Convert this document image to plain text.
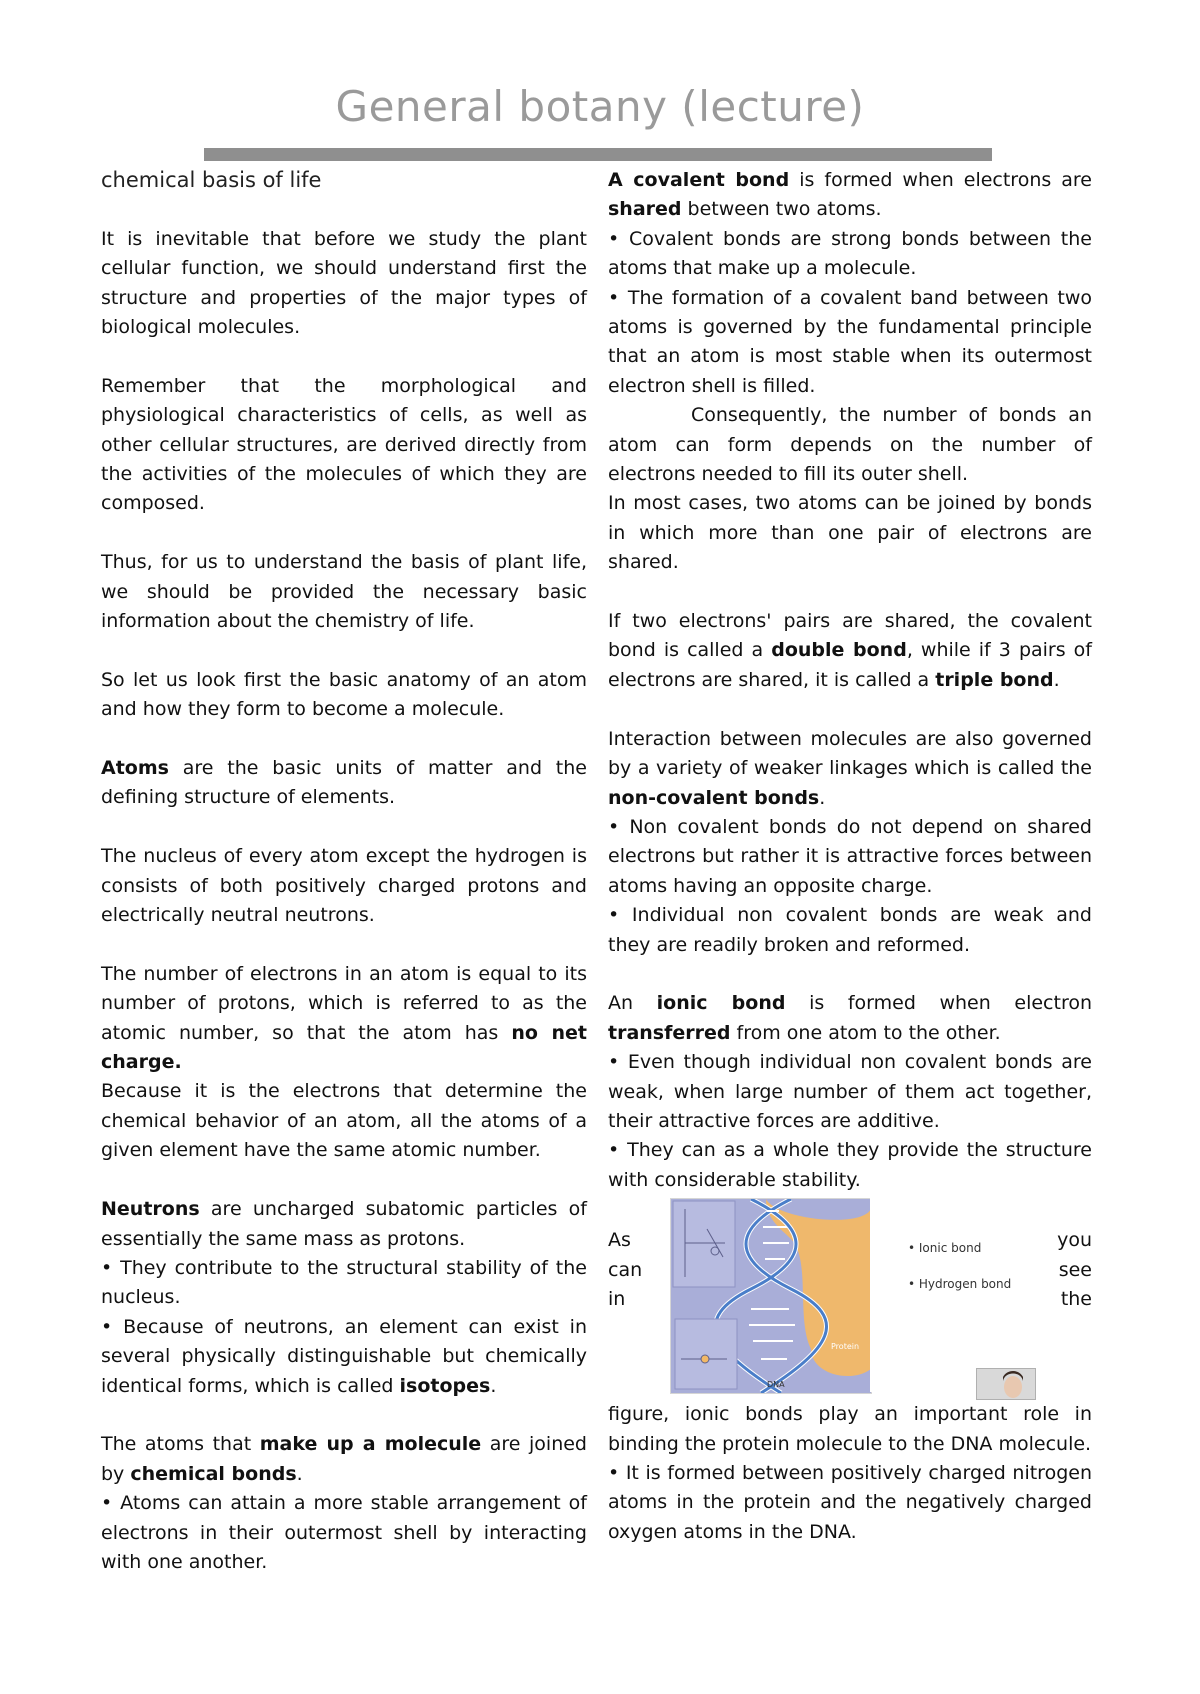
General botany (lecture)

chemical basis of life

It is inevitable that before we study the plant cellular function, we should understand first the structure and properties of the major types of biological molecules.

Remember that the morphological and physiological characteristics of cells, as well as other cellular structures, are derived directly from the activities of the molecules of which they are composed.

Thus, for us to understand the basis of plant life, we should be provided the necessary basic information about the chemistry of life.

So let us look first the basic anatomy of an atom and how they form to become a molecule.

Atoms are the basic units of matter and the defining structure of elements.

The nucleus of every atom except the hydrogen is consists of both positively charged protons and electrically neutral neutrons.

The number of electrons in an atom is equal to its number of protons, which is referred to as the atomic number, so that the atom has no net charge.

Because it is the electrons that determine the chemical behavior of an atom, all the atoms of a given element have the same atomic number.

Neutrons are uncharged subatomic particles of essentially the same mass as protons.

• They contribute to the structural stability of the nucleus.

• Because of neutrons, an element can exist in several physically distinguishable but chemically identical forms, which is called isotopes.

The atoms that make up a molecule are joined by chemical bonds.

• Atoms can attain a more stable arrangement of electrons in their outermost shell by interacting with one another.

A covalent bond is formed when electrons are shared between two atoms.

• Covalent bonds are strong bonds between the atoms that make up a molecule.

• The formation of a covalent band between two atoms is governed by the fundamental principle that an atom is most stable when its outermost electron shell is filled.

Consequently, the number of bonds an atom can form depends on the number of electrons needed to fill its outer shell.

In most cases, two atoms can be joined by bonds in which more than one pair of electrons are shared.

If two electrons' pairs are shared, the covalent bond is called a double bond, while if 3 pairs of electrons are shared, it is called a triple bond.

Interaction between molecules are also governed by a variety of weaker linkages which is called the non-covalent bonds.

• Non covalent bonds do not depend on shared electrons but rather it is attractive forces between atoms having an opposite charge.

• Individual non covalent bonds are weak and they are readily broken and reformed.

An ionic bond is formed when electron transferred from one atom to the other.

• Even though individual non covalent bonds are weak, when large number of them act together, their attractive forces are additive.

• They can as a whole they provide the structure with considerable stability.

As
can
in
Protein
DNA
• Ionic bond
• Hydrogen bond
you
see
the

figure, ionic bonds play an important role in binding the protein molecule to the DNA molecule.

• It is formed between positively charged nitrogen atoms in the protein and the negatively charged oxygen atoms in the DNA.
